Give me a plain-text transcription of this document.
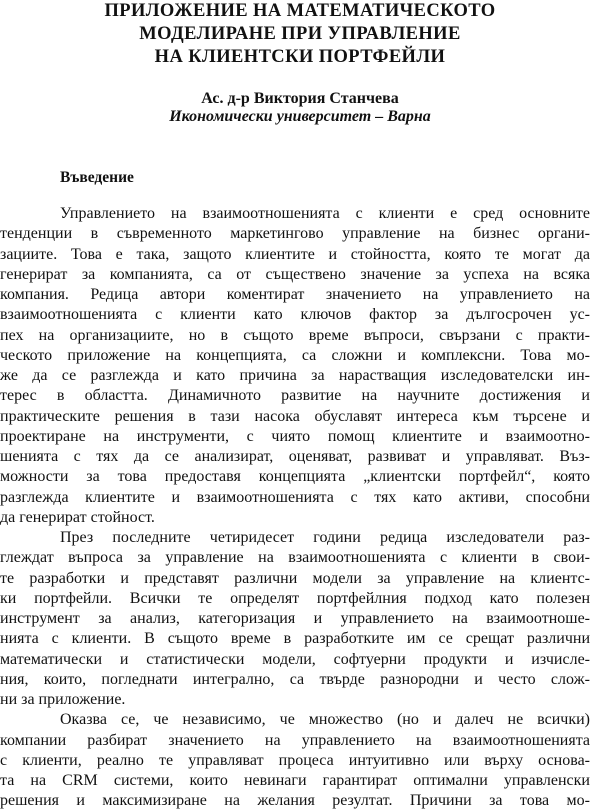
ПРИЛОЖЕНИЕ НА МАТЕМАТИЧЕСКОТО
МОДЕЛИРАНЕ ПРИ УПРАВЛЕНИЕ
НА КЛИЕНТСКИ ПОРТФЕЙЛИ

Ас. д-р Виктория Станчева

Икономически университет – Варна

Въведение
Управлението на взаимоотношенията с клиенти е сред основните
тенденции в съвременното маркетингово управление на бизнес органи-
зациите. Това е така, защото клиентите и стойността, която те могат да
генерират за компанията, са от съществено значение за успеха на всяка
компания. Редица автори коментират значението на управлението на
взаимоотношенията с клиенти като ключов фактор за дългосрочен ус-
пех на организациите, но в същото време въпроси, свързани с практи-
ческото приложение на концепцията, са сложни и комплексни. Това мо-
же да се разглежда и като причина за нарастващия изследователски ин-
терес в областта. Динамичното развитие на научните достижения и
практическите решения в тази насока обуславят интереса към търсене и
проектиране на инструменти, с чиято помощ клиентите и взаимоотно-
шенията с тях да се анализират, оценяват, развиват и управляват. Въз-
можности за това предоставя концепцията „клиентски портфейл“, която
разглежда клиентите и взаимоотношенията с тях като активи, способни
да генерират стойност.
През последните четиридесет години редица изследователи раз-
глеждат въпроса за управление на взаимоотношенията с клиенти в свои-
те разработки и представят различни модели за управление на клиентс-
ки портфейли. Всички те определят портфейлния подход като полезен
инструмент за анализ, категоризация и управлението на взаимоотноше-
нията с клиенти. В същото време в разработките им се срещат различни
математически и статистически модели, софтуерни продукти и изчисле-
ния, които, погледнати интегрално, са твърде разнородни и често слож-
ни за приложение.
Оказва се, че независимо, че множество (но и далеч не всички)
компании разбират значението на управлението на взаимоотношенията
с клиенти, реално те управляват процеса интуитивно или върху основа-
та на CRM системи, които невинаги гарантират оптимални управленски
решения и максимизиране на желания резултат. Причини за това мо-
